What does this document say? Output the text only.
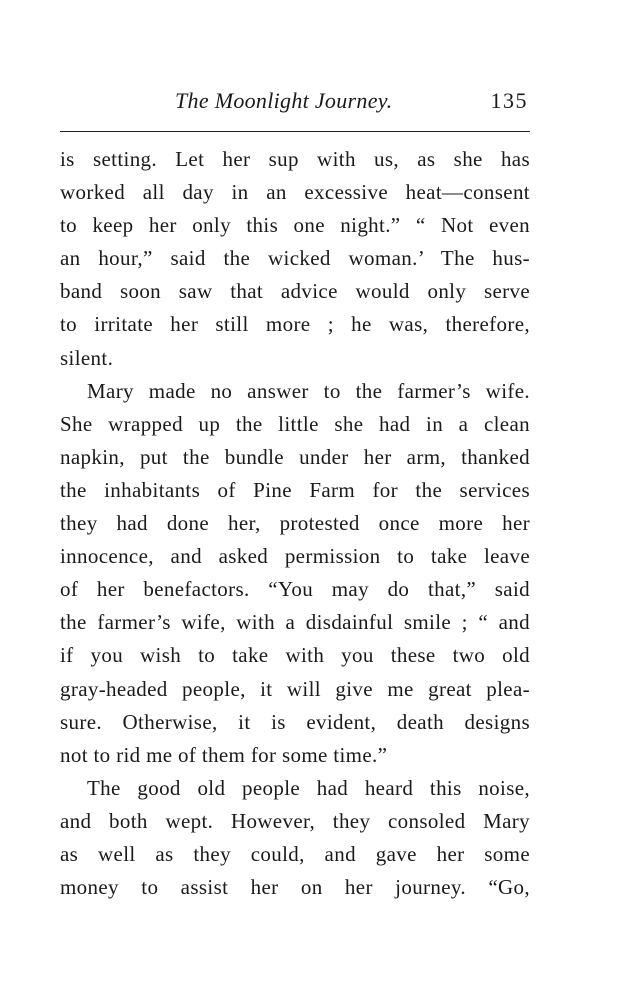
The Moonlight Journey.	135
is setting. Let her sup with us, as she has
worked all day in an excessive heat—consent
to keep her only this one night.” “ Not even
an hour,” said the wicked woman.’ The hus-
band soon saw that advice would only serve
to irritate her still more ; he was, therefore,
silent.
Mary made no answer to the farmer’s wife.
She wrapped up the little she had in a clean
napkin, put the bundle under her arm, thanked
the inhabitants of Pine Farm for the services
they had done her, protested once more her
innocence, and asked permission to take leave
of her benefactors. “You may do that,” said
the farmer’s wife, with a disdainful smile ; “ and
if you wish to take with you these two old
gray-headed people, it will give me great plea-
sure. Otherwise, it is evident, death designs
not to rid me of them for some time.”
The good old people had heard this noise,
and both wept. However, they consoled Mary
as well as they could, and gave her some
money to assist her on her journey. “Go,
